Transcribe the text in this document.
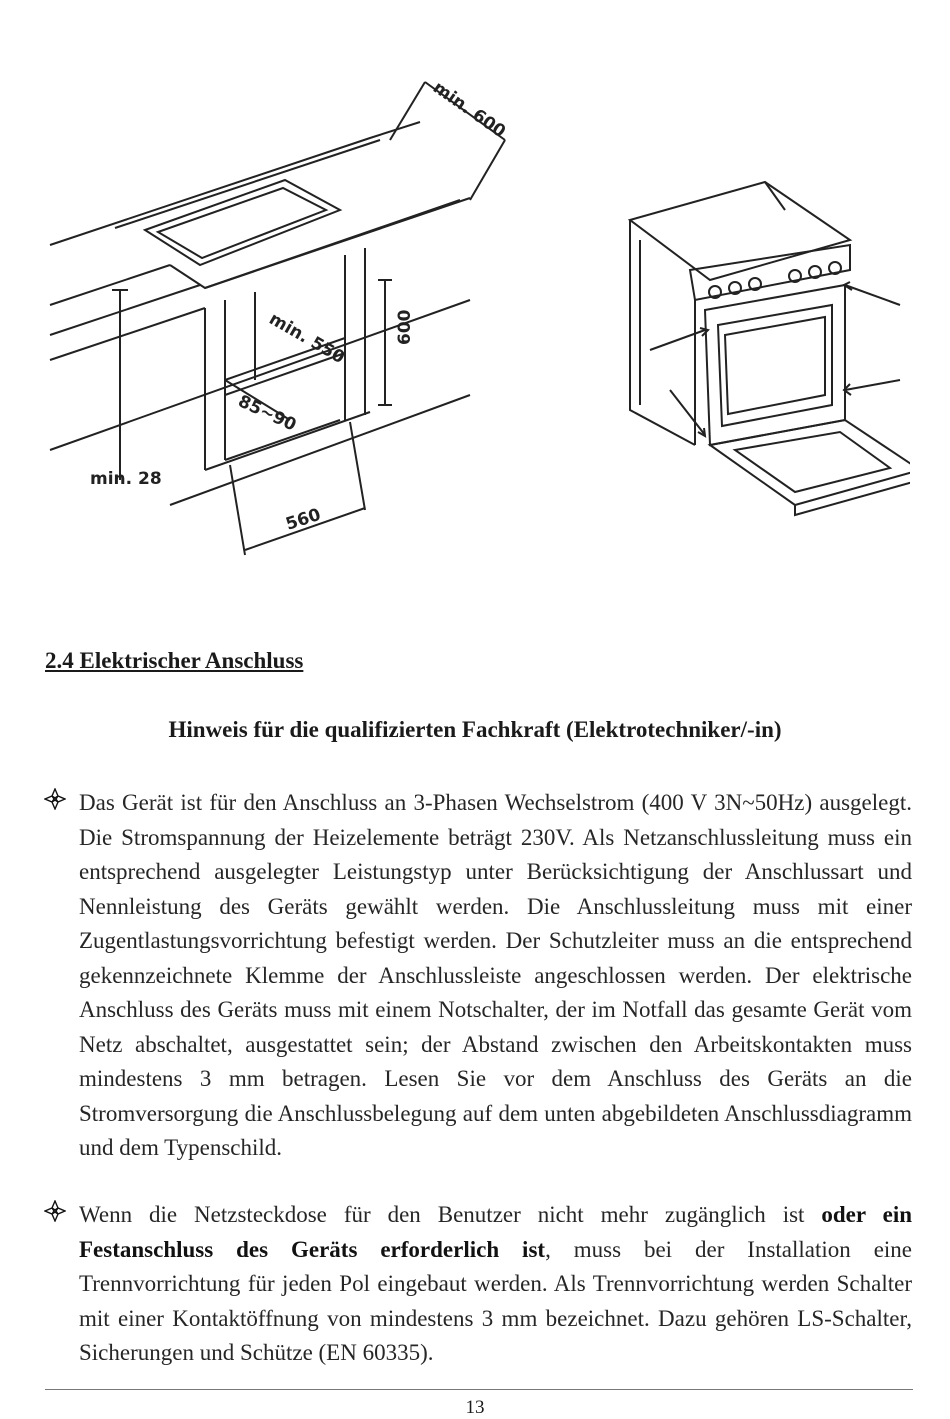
min. 600
min. 550	600
85~90
min. 28
560
2.4 Elektrischer Anschluss
Hinweis für die qualifizierten Fachkraft (Elektrotechniker/-in)
Das Gerät ist für den Anschluss an 3-Phasen Wechselstrom (400 V 3N~50Hz) ausgelegt. Die Stromspannung der Heizelemente beträgt 230V. Als Netzanschlussleitung muss ein entsprechend ausgelegter Leistungstyp unter Berücksichtigung der Anschlussart und Nennleistung des Geräts gewählt werden. Die Anschlussleitung muss mit einer Zugentlastungsvorrichtung befestigt werden. Der Schutzleiter muss an die entsprechend gekennzeichnete Klemme der Anschlussleiste angeschlossen werden. Der elektrische Anschluss des Geräts muss mit einem Notschalter, der im Notfall das gesamte Gerät vom Netz abschaltet, ausgestattet sein; der Abstand zwischen den Arbeitskontakten muss mindestens 3 mm betragen. Lesen Sie vor dem Anschluss des Geräts an die Stromversorgung die Anschlussbelegung auf dem unten abgebildeten Anschlussdiagramm und dem Typenschild.
Wenn die Netzsteckdose für den Benutzer nicht mehr zugänglich ist oder ein Festanschluss des Geräts erforderlich ist, muss bei der Installation eine Trennvorrichtung für jeden Pol eingebaut werden. Als Trennvorrichtung werden Schalter mit einer Kontaktöffnung von mindestens 3 mm bezeichnet. Dazu gehören LS-Schalter, Sicherungen und Schütze (EN 60335).
13
